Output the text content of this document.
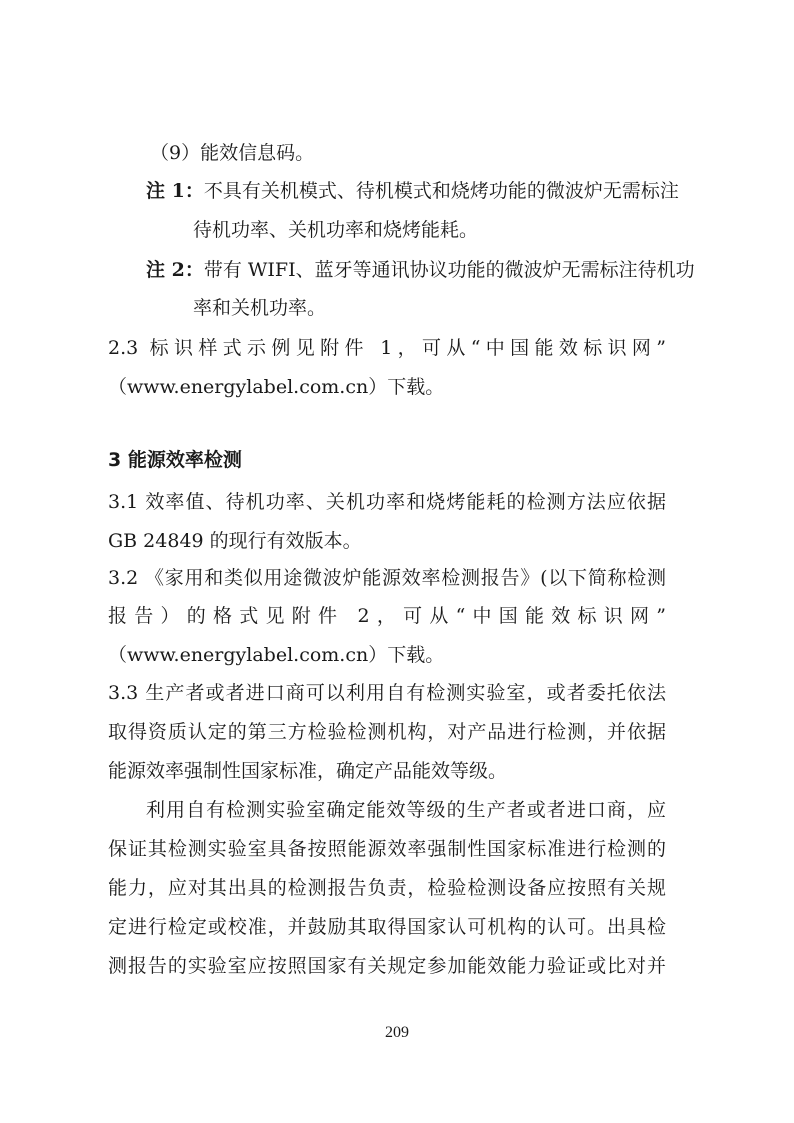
（9）能效信息码。
注 1：不具有关机模式、待机模式和烧烤功能的微波炉无需标注
待机功率、关机功率和烧烤能耗。
注 2：带有 WIFI、蓝牙等通讯协议功能的微波炉无需标注待机功
率和关机功率。
2.3 标识样式示例见附件 1，可从“中国能效标识网”
（www.energylabel.com.cn）下载。
3 能源效率检测
3.1 效率值、待机功率、关机功率和烧烤能耗的检测方法应依据
GB 24849 的现行有效版本。
3.2 《家用和类似用途微波炉能源效率检测报告》(以下简称检测
报告）的格式见附件 2，可从“中国能效标识网”
（www.energylabel.com.cn）下载。
3.3 生产者或者进口商可以利用自有检测实验室，或者委托依法
取得资质认定的第三方检验检测机构，对产品进行检测，并依据
能源效率强制性国家标准，确定产品能效等级。
利用自有检测实验室确定能效等级的生产者或者进口商，应
保证其检测实验室具备按照能源效率强制性国家标准进行检测的
能力，应对其出具的检测报告负责，检验检测设备应按照有关规
定进行检定或校准，并鼓励其取得国家认可机构的认可。出具检
测报告的实验室应按照国家有关规定参加能效能力验证或比对并
209
